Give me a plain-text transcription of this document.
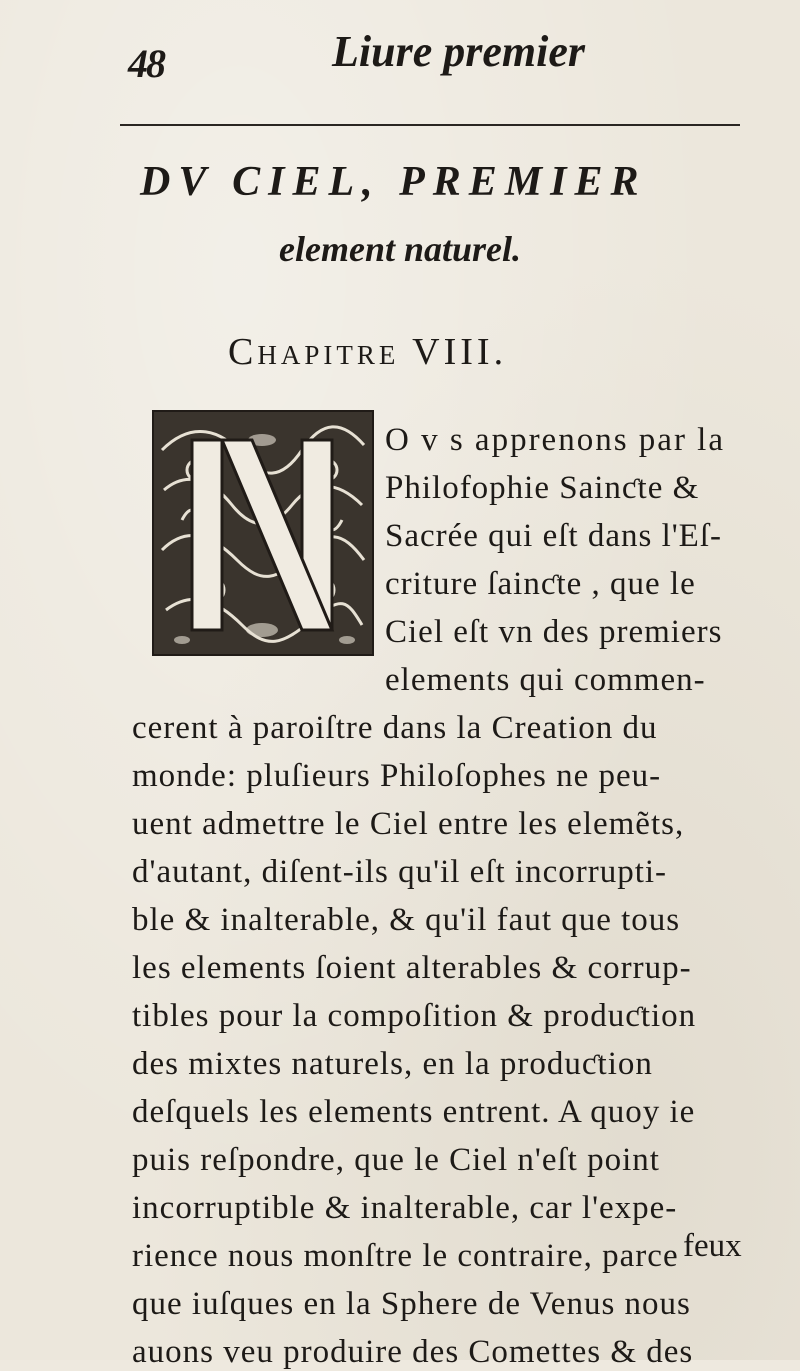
48	Liure premier
DV CIEL, PREMIER
element naturel.
Chapitre VIII.
O v s apprenons par la
Philofophie Sainƈte &
Sacrée qui eſt dans l'Eſ-
criture ſainƈte , que le
Ciel eſt vn des premiers
elements qui commen-
cerent à paroiſtre dans la Creation du
monde: pluſieurs Philoſophes ne peu-
uent admettre le Ciel entre les elemẽts,
d'autant, diſent-ils qu'il eſt incorrupti-
ble & inalterable, & qu'il faut que tous
les elements ſoient alterables & corrup-
tibles pour la compoſition & produƈtion
des mixtes naturels, en la produƈtion
deſquels les elements entrent. A quoy ie
puis reſpondre, que le Ciel n'eſt point
incorruptible & inalterable, car l'expe-
rience nous monſtre le contraire, parce
que iuſques en la Sphere de Venus nous
auons veu produire des Comettes & des
feux
